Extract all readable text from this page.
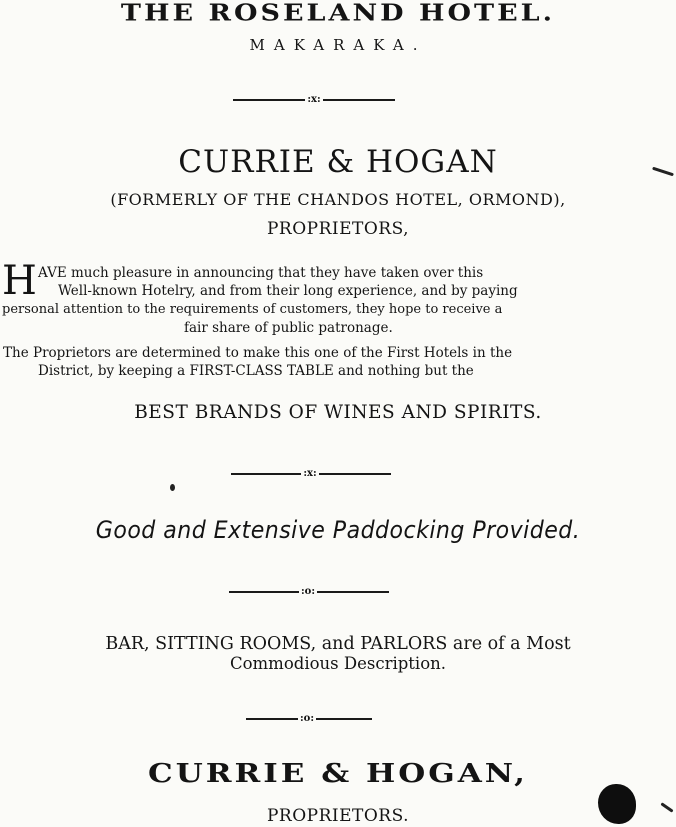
THE ROSELAND HOTEL.
MAKARAKA.
:x:
CURRIE & HOGAN
(FORMERLY OF THE CHANDOS HOTEL, ORMOND),
PROPRIETORS,
H AVE much pleasure in announcing that they have taken over this
Well-known Hotelry, and from their long experience, and by paying
personal attention to the requirements of customers, they hope to receive a
fair share of public patronage.
The Proprietors are determined to make this one of the First Hotels in the
District, by keeping a FIRST-CLASS TABLE and nothing but the
BEST BRANDS OF WINES AND SPIRITS.
:x:
Good and Extensive Paddocking Provided.
:o:
BAR, SITTING ROOMS, and PARLORS are of a Most
Commodious Description.
:o:
CURRIE & HOGAN,
PROPRIETORS.
